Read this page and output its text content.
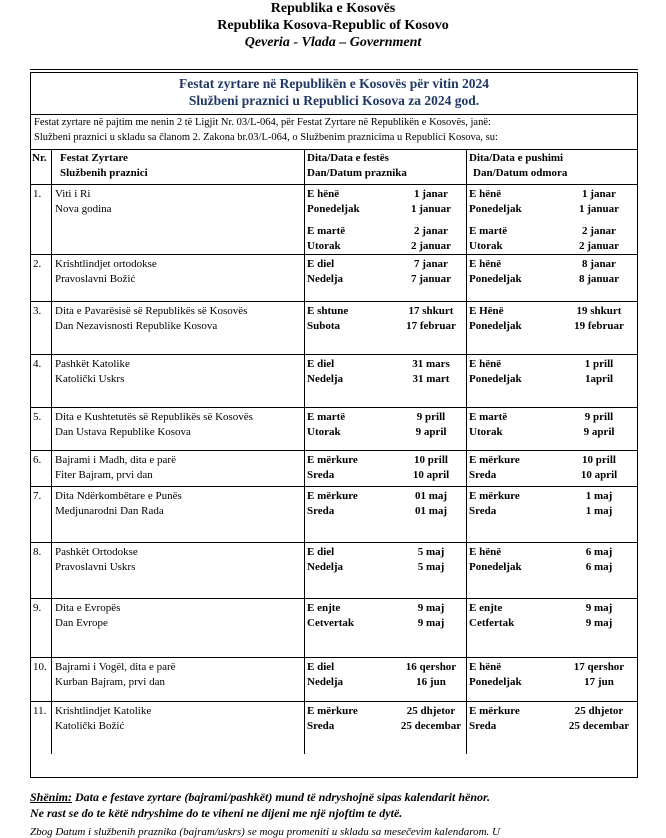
Republika e Kosovës
Republika Kosova-Republic of Kosovo
Qeveria - Vlada – Government
Festat zyrtare në Republikën e Kosovës për vitin 2024
Službeni praznici u Republici Kosova za 2024 god.
Festat zyrtare në pajtim me nenin 2 të Ligjit Nr. 03/L-064, për Festat Zyrtare në Republikën e Kosovës, janë:
Službeni praznici u skladu sa članom 2. Zakona br.03/L-064, o Službenim praznicima u Republici Kosova, su:
Nr. Festat Zyrtare
Službenih praznici
Dita/Data e festës
Dan/Datum praznika
Dita/Data e pushimi
Dan/Datum odmora
1. Viti i Ri
Nova godina
E hënë	1 janar
Ponedeljak	1 januar
E martë	2 janar
Utorak	2 januar
E hënë	1 janar
Ponedeljak	1 januar
E martë	2 janar
Utorak	2 januar
2. Krishtlindjet ortodokse
Pravoslavni Božić
E diel	7 janar
Nedelja	7 januar
E hënë	8 janar
Ponedeljak	8 januar
3. Dita e Pavarësisë së Republikës së Kosovës
Dan Nezavisnosti Republike Kosova
E shtune	17 shkurt
Subota	17 februar
E Hënë	19 shkurt
Ponedeljak	19 februar
4. Pashkët Katolike
Katolički Uskrs
E diel	31 mars
Nedelja	31 mart
E hënë	1 prill
Ponedeljak	1april
5. Dita e Kushtetutës së Republikës së Kosovës
Dan Ustava Republike Kosova
E martë	9 prill
Utorak	9 april
E martë	9 prill
Utorak	9 april
6. Bajrami i Madh, dita e parë
Fiter Bajram, prvi dan
E mërkure	10 prill
Sreda	10 april
E mërkure	10 prill
Sreda	10 april
7. Dita Ndërkombëtare e Punës
Medjunarodni Dan Rada
E mërkure	01 maj
Sreda	01 maj
E mërkure	1 maj
Sreda	1 maj
8. Pashkët Ortodokse
Pravoslavni Uskrs
E diel	5 maj
Nedelja	5 maj
E hënë	6 maj
Ponedeljak	6 maj
9. Dita e Evropës
Dan Evrope
E enjte	9 maj
Cetvertak	9 maj
E enjte	9 maj
Cetfertak	9 maj
10. Bajrami i Vogël, dita e parë
Kurban Bajram, prvi dan
E diel	16 qershor
Nedelja	16 jun
E hënë	17 qershor
Ponedeljak	17 jun
11. Krishtlindjet Katolike
Katolički Božić
E mërkure	25 dhjetor
Sreda	25 decembar
E mërkure	25 dhjetor
Sreda	25 decembar
Shënim: Data e festave zyrtare (bajrami/pashkët) mund të ndryshojnë sipas kalendarit hënor.
Ne rast se do te këtë ndryshime do te viheni ne dijeni me një njoftim te dytë.
Zbog Datum i službenih praznika (bajram/uskrs) se mogu promeniti u skladu sa mesečevim kalendarom. U
